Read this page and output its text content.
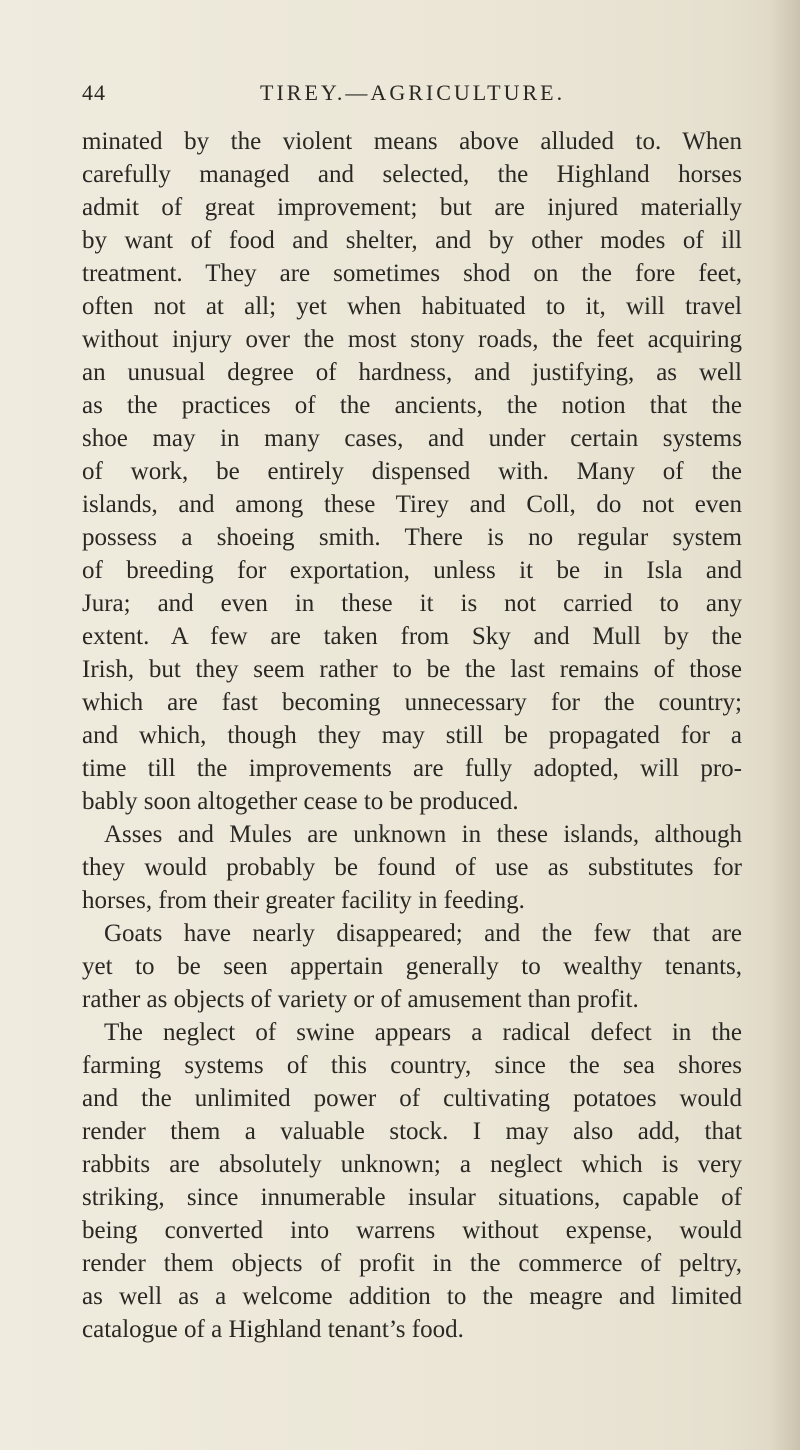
44	TIREY.—AGRICULTURE.
minated by the violent means above alluded to. When
carefully managed and selected, the Highland horses
admit of great improvement; but are injured materially
by want of food and shelter, and by other modes of ill
treatment. They are sometimes shod on the fore feet,
often not at all; yet when habituated to it, will travel
without injury over the most stony roads, the feet acquiring
an unusual degree of hardness, and justifying, as well
as the practices of the ancients, the notion that the
shoe may in many cases, and under certain systems
of work, be entirely dispensed with. Many of the
islands, and among these Tirey and Coll, do not even
possess a shoeing smith. There is no regular system
of breeding for exportation, unless it be in Isla and
Jura; and even in these it is not carried to any
extent. A few are taken from Sky and Mull by the
Irish, but they seem rather to be the last remains of those
which are fast becoming unnecessary for the country;
and which, though they may still be propagated for a
time till the improvements are fully adopted, will pro-
bably soon altogether cease to be produced.
Asses and Mules are unknown in these islands, although
they would probably be found of use as substitutes for
horses, from their greater facility in feeding.
Goats have nearly disappeared; and the few that are
yet to be seen appertain generally to wealthy tenants,
rather as objects of variety or of amusement than profit.
The neglect of swine appears a radical defect in the
farming systems of this country, since the sea shores
and the unlimited power of cultivating potatoes would
render them a valuable stock. I may also add, that
rabbits are absolutely unknown; a neglect which is very
striking, since innumerable insular situations, capable of
being converted into warrens without expense, would
render them objects of profit in the commerce of peltry,
as well as a welcome addition to the meagre and limited
catalogue of a Highland tenant’s food.
